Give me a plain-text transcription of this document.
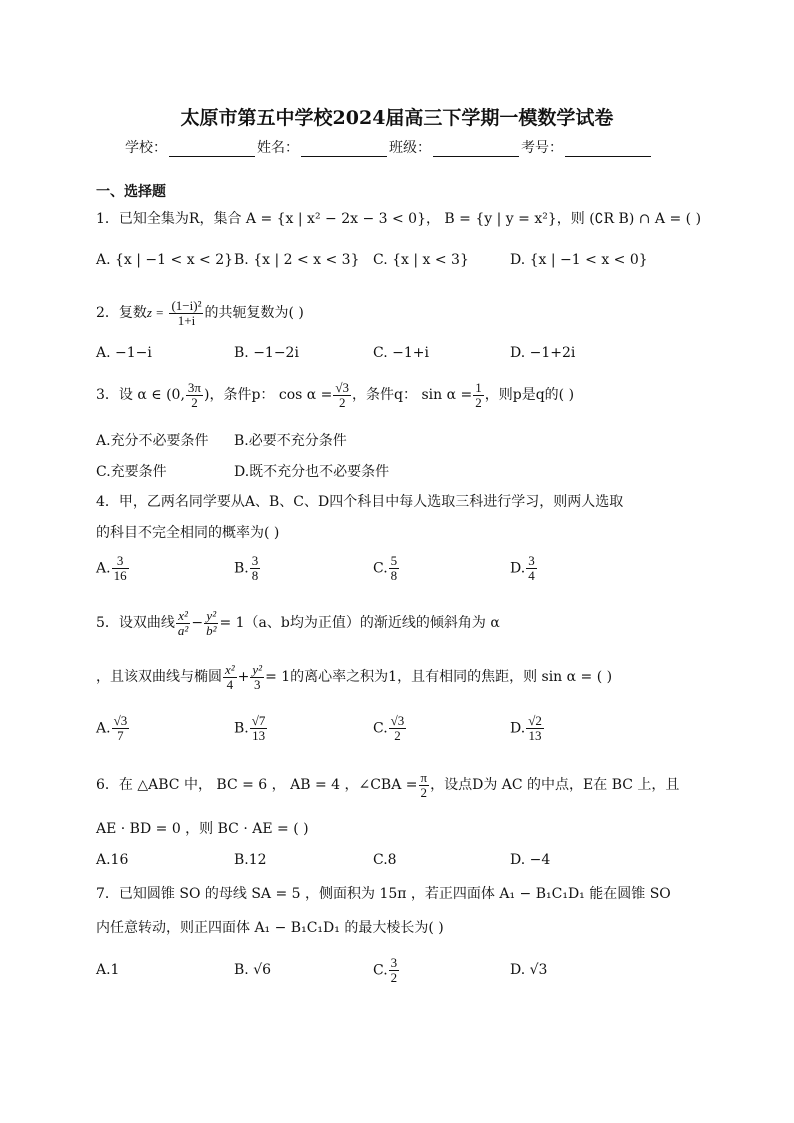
太原市第五中学校2024届高三下学期一模数学试卷
学校：	姓名：	班级：	考号：
一、选择题
1．已知全集为R，集合 A = {x | x² − 2x − 3 < 0}， B = {y | y = x²}，则 (∁R B) ∩ A = ( )
A. {x | −1 < x < 2} B. {x | 2 < x < 3} C. {x | x < 3}	D. {x | −1 < x < 0}
2．复数$z = \frac{\text{(1−i)²}}{1+i}$ 的共轭复数为( )
A. −1−i	B. −1−2i	C. −1+i	D. −1+2i
3．设 α ∈ (0, $\frac{3\pi}{2}$ )，条件p： $\cos \alpha = \frac{√3}{2}$ ，条件q： $\sin \alpha = \frac{1}{2}$ ，则p是q的( )
A.充分不必要条件 B.必要不充分条件
C.充要条件	D.既不充分也不必要条件
4．甲，乙两名同学要从A、B、C、D四个科目中每人选取三科进行学习，则两人选取
的科目不完全相同的概率为( )
A. $\frac{3}{16}$	B. $\frac{3}{8}$	C. $\frac{5}{8}$	D. $\frac{3}{4}$
5．设双曲线 $\frac{\text{x²}}{\text{a²}} - \frac{\text{y²}}{\text{b²}} = 1(a$、b均为正值）的渐近线的倾斜角为 α
，且该双曲线与椭圆 $\frac{\text{x²}}{4} + \frac{\text{y²}}{3} = 1$的离心率之积为1，且有相同的焦距，则 sin α = ( )
A. $\frac{√3}{7}$	B. $\frac{√7}{13}$	C. $\frac{√3}{2}$	D. $\frac{√2}{13}$
6．在 △ABC 中， BC = 6 ， AB = 4 ，∠CBA = $\frac{\pi}{2}$ ，设点D为 AC 的中点，E在 BC 上，且
AE · BD = 0 ，则 BC · AE = ( )
A.16	B.12	C.8	D. −4
7．已知圆锥 SO 的母线 SA = 5 ，侧面积为 15π ，若正四面体 A₁ − B₁C₁D₁ 能在圆锥 SO
内任意转动，则正四面体 A₁ − B₁C₁D₁ 的最大棱长为( )
A.1	B. √6	C. $\frac{3}{2}$	D. √3
